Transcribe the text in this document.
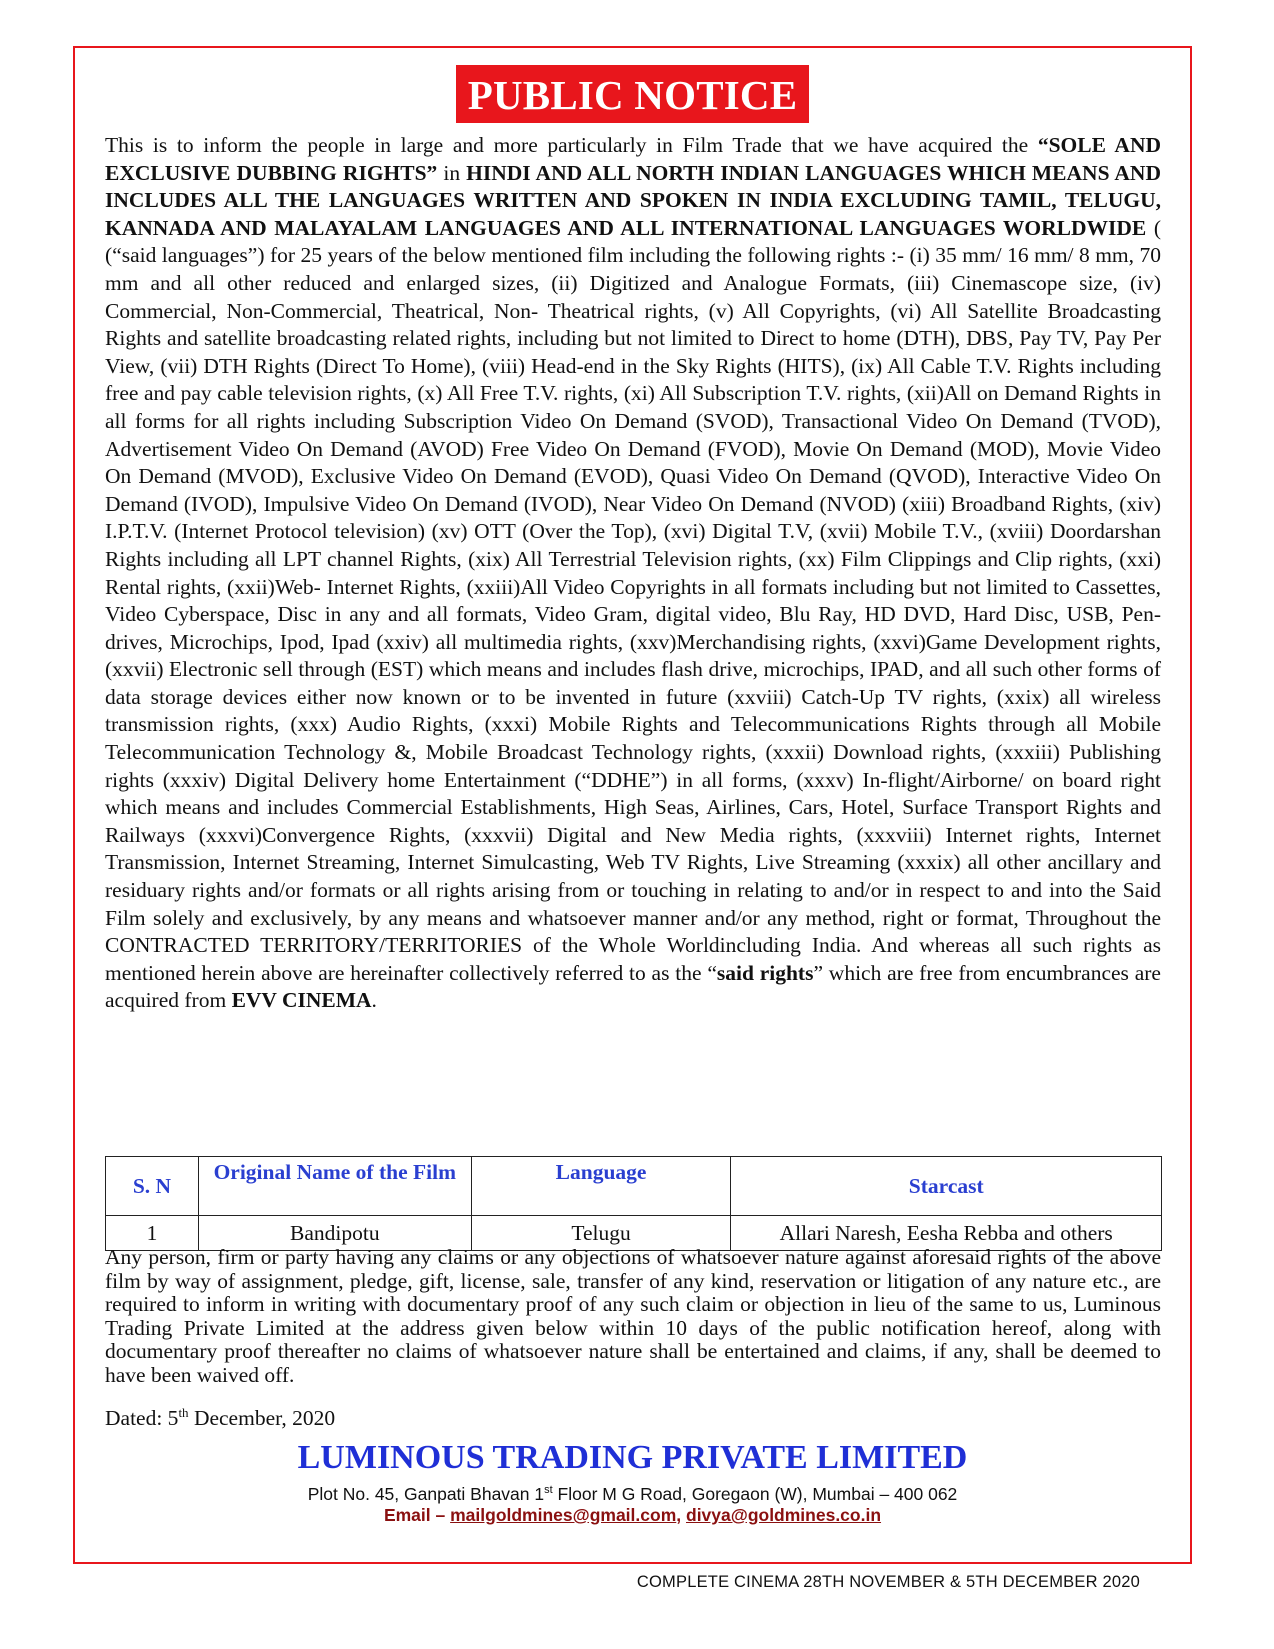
PUBLIC NOTICE
This is to inform the people in large and more particularly in Film Trade that we have acquired the “SOLE AND EXCLUSIVE DUBBING RIGHTS” in HINDI AND ALL NORTH INDIAN LANGUAGES WHICH MEANS AND INCLUDES ALL THE LANGUAGES WRITTEN AND SPOKEN IN INDIA EXCLUDING TAMIL, TELUGU, KANNADA AND MALAYALAM LANGUAGES AND ALL INTERNATIONAL LANGUAGES WORLDWIDE ( (“said languages”) for 25 years of the below mentioned film including the following rights :- (i) 35 mm/ 16 mm/ 8 mm, 70 mm and all other reduced and enlarged sizes, (ii) Digitized and Analogue Formats, (iii) Cinemascope size, (iv) Commercial, Non-Commercial, Theatrical, Non- Theatrical rights, (v) All Copyrights, (vi) All Satellite Broadcasting Rights and satellite broadcasting related rights, including but not limited to Direct to home (DTH), DBS, Pay TV, Pay Per View, (vii) DTH Rights (Direct To Home), (viii) Head-end in the Sky Rights (HITS), (ix) All Cable T.V. Rights including free and pay cable television rights, (x) All Free T.V. rights, (xi) All Subscription T.V. rights, (xii)All on Demand Rights in all forms for all rights including Subscription Video On Demand (SVOD), Transactional Video On Demand (TVOD), Advertisement Video On Demand (AVOD) Free Video On Demand (FVOD), Movie On Demand (MOD), Movie Video On Demand (MVOD), Exclusive Video On Demand (EVOD), Quasi Video On Demand (QVOD), Interactive Video On Demand (IVOD), Impulsive Video On Demand (IVOD), Near Video On Demand (NVOD) (xiii) Broadband Rights, (xiv) I.P.T.V. (Internet Protocol television) (xv) OTT (Over the Top), (xvi) Digital T.V, (xvii) Mobile T.V., (xviii) Doordarshan Rights including all LPT channel Rights, (xix) All Terrestrial Television rights, (xx) Film Clippings and Clip rights, (xxi) Rental rights, (xxii)Web- Internet Rights, (xxiii)All Video Copyrights in all formats including but not limited to Cassettes, Video Cyberspace, Disc in any and all formats, Video Gram, digital video, Blu Ray, HD DVD, Hard Disc, USB, Pen-drives, Microchips, Ipod, Ipad (xxiv) all multimedia rights, (xxv)Merchandising rights, (xxvi)Game Development rights, (xxvii) Electronic sell through (EST) which means and includes flash drive, microchips, IPAD, and all such other forms of data storage devices either now known or to be invented in future (xxviii) Catch-Up TV rights, (xxix) all wireless transmission rights, (xxx) Audio Rights, (xxxi) Mobile Rights and Telecommunications Rights through all Mobile Telecommunication Technology &, Mobile Broadcast Technology rights, (xxxii) Download rights, (xxxiii) Publishing rights (xxxiv) Digital Delivery home Entertainment (“DDHE”) in all forms, (xxxv) In-flight/Airborne/ on board right which means and includes Commercial Establishments, High Seas, Airlines, Cars, Hotel, Surface Transport Rights and Railways (xxxvi)Convergence Rights, (xxxvii) Digital and New Media rights, (xxxviii) Internet rights, Internet Transmission, Internet Streaming, Internet Simulcasting, Web TV Rights, Live Streaming (xxxix) all other ancillary and residuary rights and/or formats or all rights arising from or touching in relating to and/or in respect to and into the Said Film solely and exclusively, by any means and whatsoever manner and/or any method, right or format, Throughout the CONTRACTED TERRITORY/TERRITORIES of the Whole Worldincluding India. And whereas all such rights as mentioned herein above are hereinafter collectively referred to as the “said rights” which are free from encumbrances are acquired from EVV CINEMA.
S. N	Original Name of the Film	Language	Starcast
1	Bandipotu	Telugu	Allari Naresh, Eesha Rebba and others
Any person, firm or party having any claims or any objections of whatsoever nature against aforesaid rights of the above film by way of assignment, pledge, gift, license, sale, transfer of any kind, reservation or litigation of any nature etc., are required to inform in writing with documentary proof of any such claim or objection in lieu of the same to us, Luminous Trading Private Limited at the address given below within 10 days of the public notification hereof, along with documentary proof thereafter no claims of whatsoever nature shall be entertained and claims, if any, shall be deemed to have been waived off.
Dated: 5th December, 2020
LUMINOUS TRADING PRIVATE LIMITED
Plot No. 45, Ganpati Bhavan 1st Floor M G Road, Goregaon (W), Mumbai – 400 062
Email – mailgoldmines@gmail.com, divya@goldmines.co.in
COMPLETE CINEMA 28TH NOVEMBER & 5TH DECEMBER 2020
